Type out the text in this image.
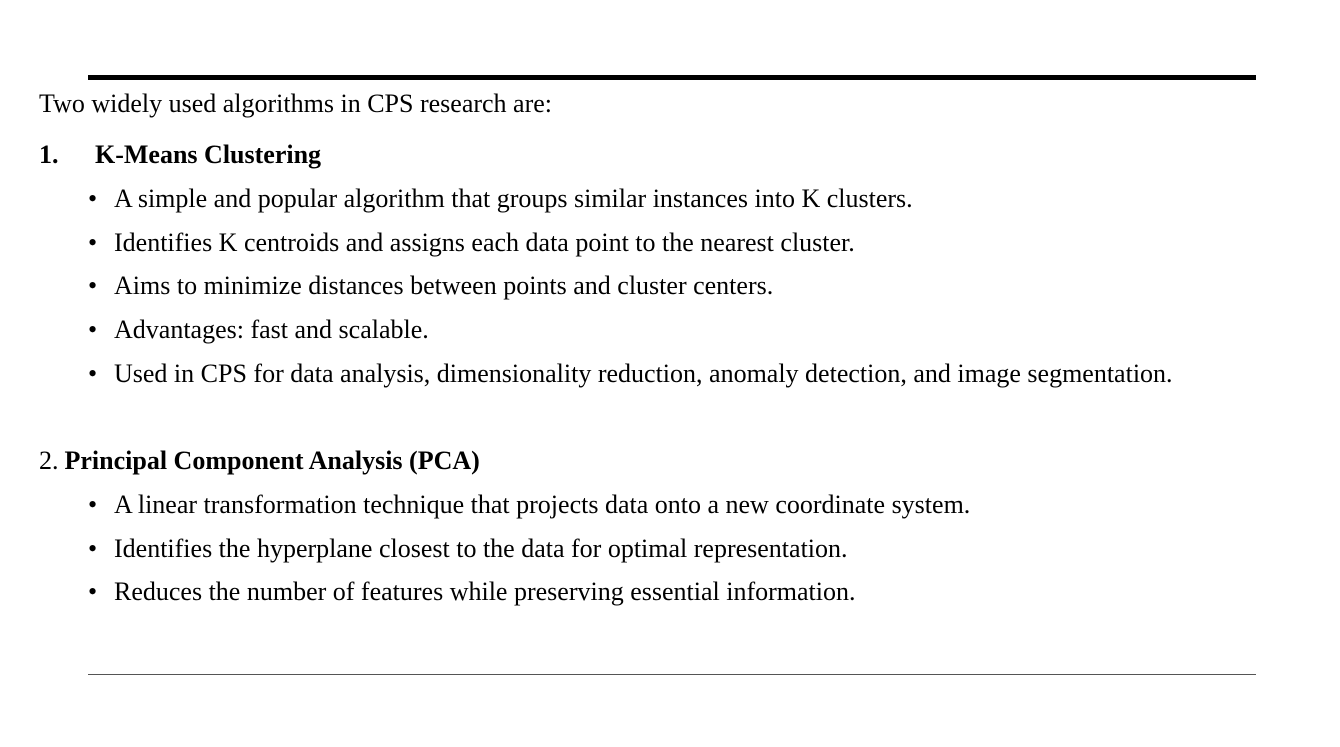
Two widely used algorithms in CPS research are:
1. K-Means Clustering
• A simple and popular algorithm that groups similar instances into K clusters.
• Identifies K centroids and assigns each data point to the nearest cluster.
• Aims to minimize distances between points and cluster centers.
• Advantages: fast and scalable.
• Used in CPS for data analysis, dimensionality reduction, anomaly detection, and image segmentation.
2. Principal Component Analysis (PCA)
• A linear transformation technique that projects data onto a new coordinate system.
• Identifies the hyperplane closest to the data for optimal representation.
• Reduces the number of features while preserving essential information.
